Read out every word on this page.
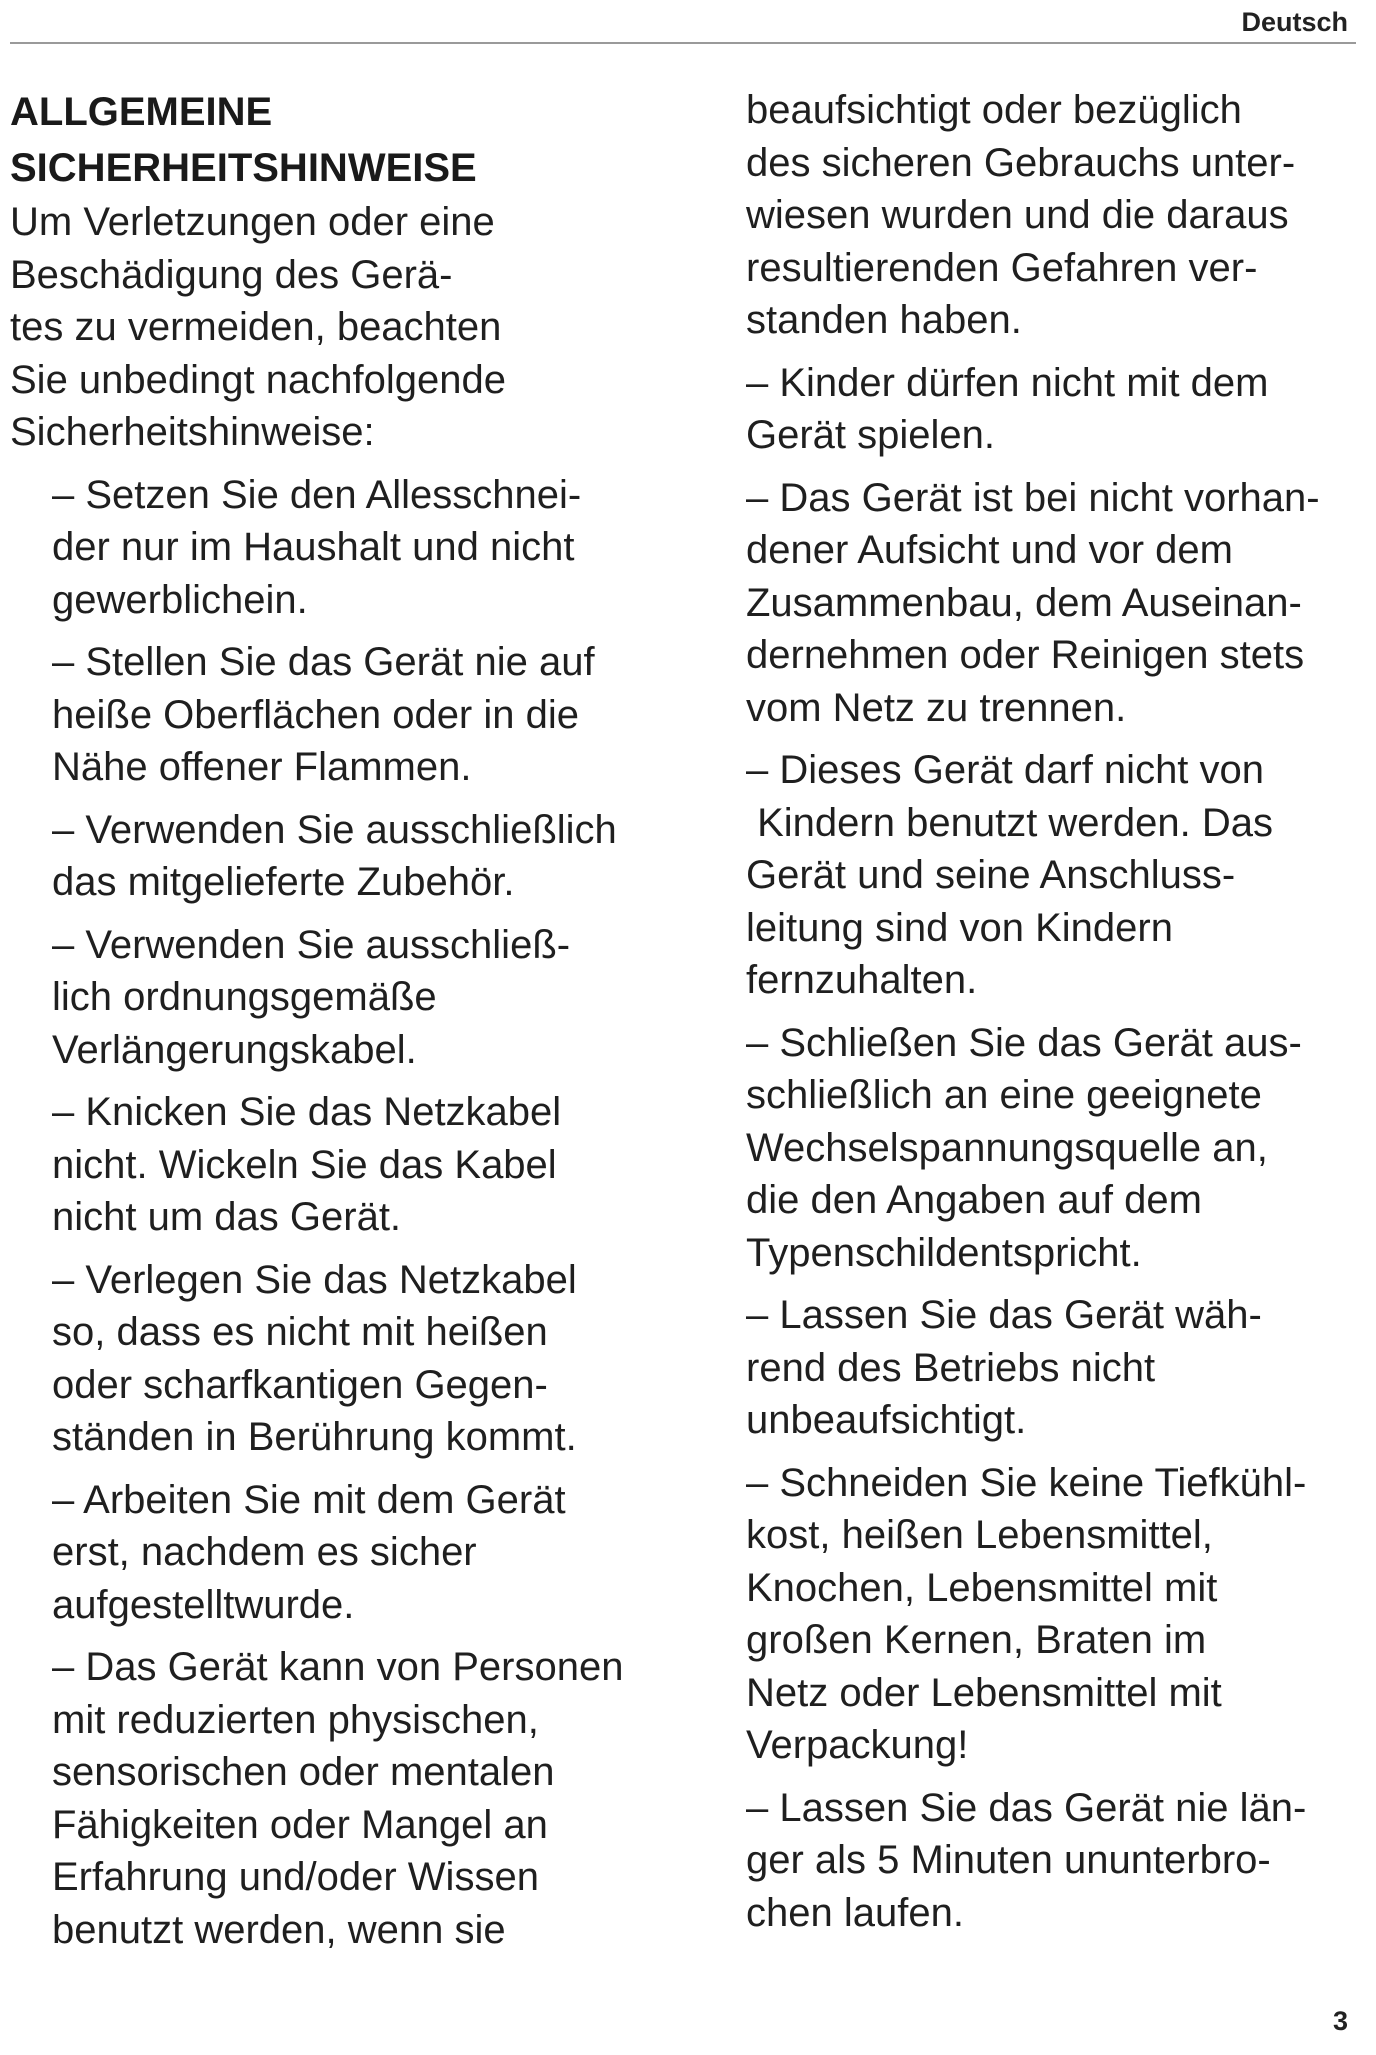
Deutsch
ALLGEMEINE
SICHERHEITSHINWEISE
Um Verletzungen oder eine
Beschädigung des Gerä-
tes zu vermeiden, beachten
Sie unbedingt nachfolgende
Sicherheitshinweise:
– Setzen Sie den Allesschnei-
der nur im Haushalt und nicht
gewerblichein.
– Stellen Sie das Gerät nie auf
heiße Oberflächen oder in die
Nähe offener Flammen.
– Verwenden Sie ausschließlich
das mitgelieferte Zubehör.
– Verwenden Sie ausschließ-
lich ordnungsgemäße
Verlängerungskabel.
– Knicken Sie das Netzkabel
nicht. Wickeln Sie das Kabel
nicht um das Gerät.
– Verlegen Sie das Netzkabel
so, dass es nicht mit heißen
oder scharfkantigen Gegen-
ständen in Berührung kommt.
– Arbeiten Sie mit dem Gerät
erst, nachdem es sicher
aufgestelltwurde.
– Das Gerät kann von Personen
mit reduzierten physischen,
sensorischen oder mentalen
Fähigkeiten oder Mangel an
Erfahrung und/oder Wissen
benutzt werden, wenn sie
beaufsichtigt oder bezüglich
des sicheren Gebrauchs unter-
wiesen wurden und die daraus
resultierenden Gefahren ver-
standen haben.
– Kinder dürfen nicht mit dem
Gerät spielen.
– Das Gerät ist bei nicht vorhan-
dener Aufsicht und vor dem
Zusammenbau, dem Auseinan-
dernehmen oder Reinigen stets
vom Netz zu trennen.
– Dieses Gerät darf nicht von
Kindern benutzt werden. Das
Gerät und seine Anschluss-
leitung sind von Kindern
fernzuhalten.
– Schließen Sie das Gerät aus-
schließlich an eine geeignete
Wechselspannungsquelle an,
die den Angaben auf dem
Typenschildentspricht.
– Lassen Sie das Gerät wäh-
rend des Betriebs nicht
unbeaufsichtigt.
– Schneiden Sie keine Tiefkühl-
kost, heißen Lebensmittel,
Knochen, Lebensmittel mit
großen Kernen, Braten im
Netz oder Lebensmittel mit
Verpackung!
– Lassen Sie das Gerät nie län-
ger als 5 Minuten ununterbro-
chen laufen.
3
